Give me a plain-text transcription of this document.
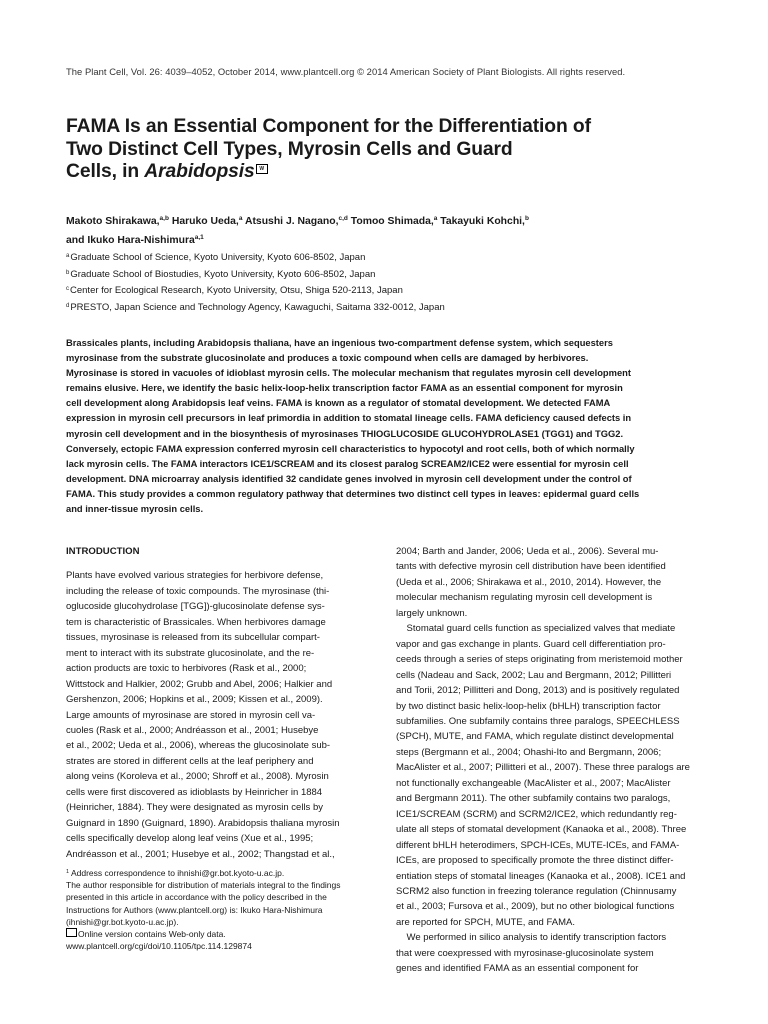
The Plant Cell, Vol. 26: 4039–4052, October 2014, www.plantcell.org © 2014 American Society of Plant Biologists. All rights reserved.
FAMA Is an Essential Component for the Differentiation of
Two Distinct Cell Types, Myrosin Cells and Guard
Cells, in Arabidopsis W
Makoto Shirakawa,$^{a,b}$ Haruko Ueda,$^a$ Atsushi J. Nagano,$^{c,d}$ Tomoo Shimada,$^a$ Takayuki Kohchi,$^b$
and Ikuko Hara-Nishimura$^{a,1}$
$^a$Graduate School of Science, Kyoto University, Kyoto 606-8502, Japan
$^b$Graduate School of Biostudies, Kyoto University, Kyoto 606-8502, Japan
$^c$Center for Ecological Research, Kyoto University, Otsu, Shiga 520-2113, Japan
$^d$PRESTO, Japan Science and Technology Agency, Kawaguchi, Saitama 332-0012, Japan
Brassicales plants, including Arabidopsis thaliana, have an ingenious two-compartment defense system, which sequesters
myrosinase from the substrate glucosinolate and produces a toxic compound when cells are damaged by herbivores.
Myrosinase is stored in vacuoles of idioblast myrosin cells. The molecular mechanism that regulates myrosin cell development
remains elusive. Here, we identify the basic helix-loop-helix transcription factor FAMA as an essential component for myrosin
cell development along Arabidopsis leaf veins. FAMA is known as a regulator of stomatal development. We detected FAMA
expression in myrosin cell precursors in leaf primordia in addition to stomatal lineage cells. FAMA deficiency caused defects in
myrosin cell development and in the biosynthesis of myrosinases THIOGLUCOSIDE GLUCOHYDROLASE1 (TGG1) and TGG2.
Conversely, ectopic FAMA expression conferred myrosin cell characteristics to hypocotyl and root cells, both of which normally
lack myrosin cells. The FAMA interactors ICE1/SCREAM and its closest paralog SCREAM2/ICE2 were essential for myrosin cell
development. DNA microarray analysis identified 32 candidate genes involved in myrosin cell development under the control of
FAMA. This study provides a common regulatory pathway that determines two distinct cell types in leaves: epidermal guard cells
and inner-tissue myrosin cells.
INTRODUCTION
Plants have evolved various strategies for herbivore defense,
including the release of toxic compounds. The myrosinase (thi-
oglucoside glucohydrolase [TGG])-glucosinolate defense sys-
tem is characteristic of Brassicales. When herbivores damage
tissues, myrosinase is released from its subcellular compart-
ment to interact with its substrate glucosinolate, and the re-
action products are toxic to herbivores (Rask et al., 2000;
Wittstock and Halkier, 2002; Grubb and Abel, 2006; Halkier and
Gershenzon, 2006; Hopkins et al., 2009; Kissen et al., 2009).
Large amounts of myrosinase are stored in myrosin cell va-
cuoles (Rask et al., 2000; Andréasson et al., 2001; Husebye
et al., 2002; Ueda et al., 2006), whereas the glucosinolate sub-
strates are stored in different cells at the leaf periphery and
along veins (Koroleva et al., 2000; Shroff et al., 2008). Myrosin
cells were first discovered as idioblasts by Heinricher in 1884
(Heinricher, 1884). They were designated as myrosin cells by
Guignard in 1890 (Guignard, 1890). Arabidopsis thaliana myrosin
cells specifically develop along leaf veins (Xue et al., 1995;
Andréasson et al., 2001; Husebye et al., 2002; Thangstad et al.,
$^1$ Address correspondence to ihnishi@gr.bot.kyoto-u.ac.jp.
The author responsible for distribution of materials integral to the findings
presented in this article in accordance with the policy described in the
Instructions for Authors (www.plantcell.org) is: Ikuko Hara-Nishimura
(ihnishi@gr.bot.kyoto-u.ac.jp).
Online version contains Web-only data.
www.plantcell.org/cgi/doi/10.1105/tpc.114.129874
2004; Barth and Jander, 2006; Ueda et al., 2006). Several mu-
tants with defective myrosin cell distribution have been identified
(Ueda et al., 2006; Shirakawa et al., 2010, 2014). However, the
molecular mechanism regulating myrosin cell development is
largely unknown.
Stomatal guard cells function as specialized valves that mediate
vapor and gas exchange in plants. Guard cell differentiation pro-
ceeds through a series of steps originating from meristemoid mother
cells (Nadeau and Sack, 2002; Lau and Bergmann, 2012; Pillitteri
and Torii, 2012; Pillitteri and Dong, 2013) and is positively regulated
by two distinct basic helix-loop-helix (bHLH) transcription factor
subfamilies. One subfamily contains three paralogs, SPEECHLESS
(SPCH), MUTE, and FAMA, which regulate distinct developmental
steps (Bergmann et al., 2004; Ohashi-Ito and Bergmann, 2006;
MacAlister et al., 2007; Pillitteri et al., 2007). These three paralogs are
not functionally exchangeable (MacAlister et al., 2007; MacAlister
and Bergmann 2011). The other subfamily contains two paralogs,
ICE1/SCREAM (SCRM) and SCRM2/ICE2, which redundantly reg-
ulate all steps of stomatal development (Kanaoka et al., 2008). Three
different bHLH heterodimers, SPCH-ICEs, MUTE-ICEs, and FAMA-
ICEs, are proposed to specifically promote the three distinct differ-
entiation steps of stomatal lineages (Kanaoka et al., 2008). ICE1 and
SCRM2 also function in freezing tolerance regulation (Chinnusamy
et al., 2003; Fursova et al., 2009), but no other biological functions
are reported for SPCH, MUTE, and FAMA.
We performed in silico analysis to identify transcription factors
that were coexpressed with myrosinase-glucosinolate system
genes and identified FAMA as an essential component for
